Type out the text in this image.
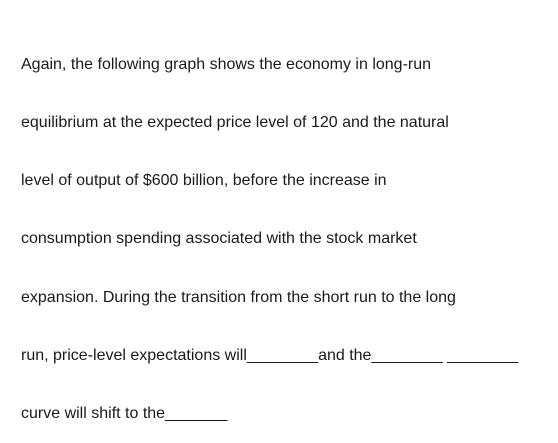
Again, the following graph shows the economy in long-run

equilibrium at the expected price level of 120 and the natural

level of output of $600 billion, before the increase in

consumption spending associated with the stock market

expansion. During the transition from the short run to the long

run, price-level expectations will________and the________ ________

curve will shift to the_______
